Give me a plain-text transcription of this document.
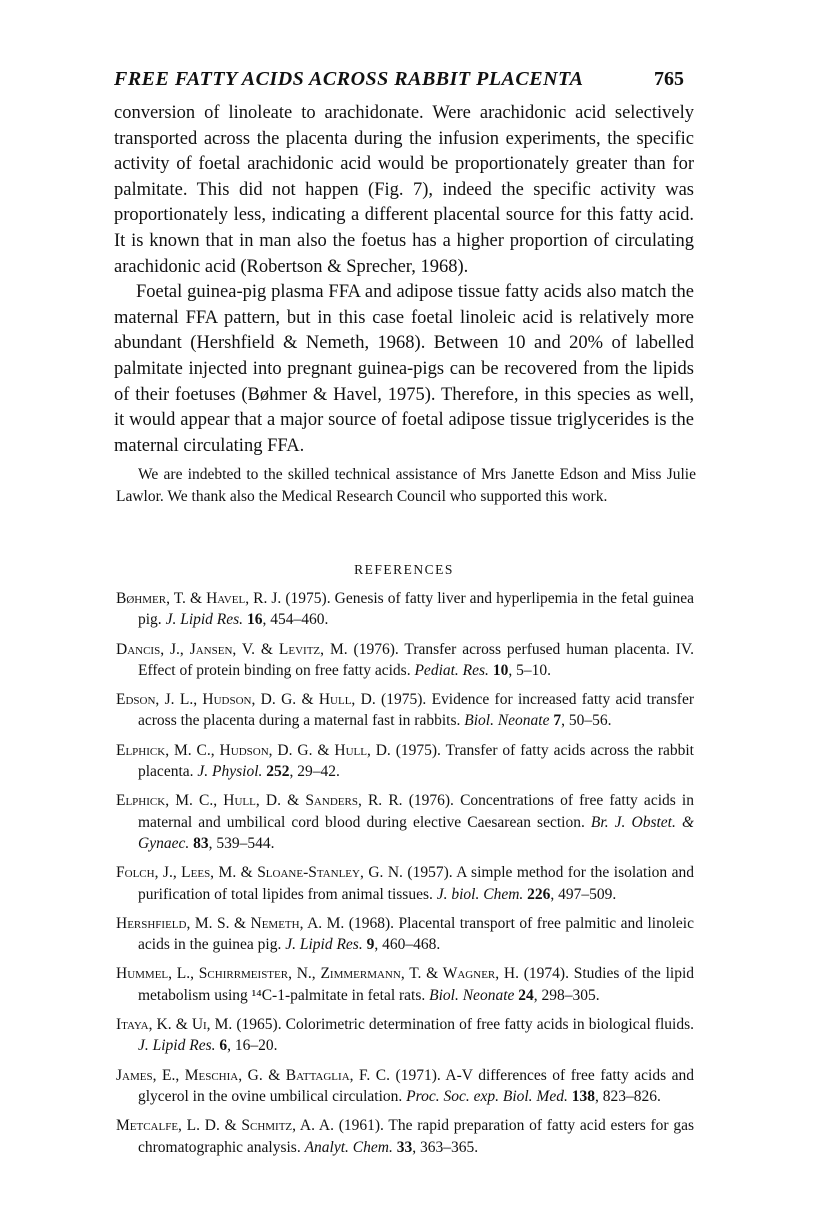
FREE FATTY ACIDS ACROSS RABBIT PLACENTA	765

conversion of linoleate to arachidonate. Were arachidonic acid selectively transported across the placenta during the infusion experiments, the specific activity of foetal arachidonic acid would be proportionately greater than for palmitate. This did not happen (Fig. 7), indeed the specific activity was proportionately less, indicating a different placental source for this fatty acid. It is known that in man also the foetus has a higher proportion of circulating arachidonic acid (Robertson & Sprecher, 1968).

Foetal guinea-pig plasma FFA and adipose tissue fatty acids also match the maternal FFA pattern, but in this case foetal linoleic acid is relatively more abundant (Hershfield & Nemeth, 1968). Between 10 and 20% of labelled palmitate injected into pregnant guinea-pigs can be recovered from the lipids of their foetuses (Bøhmer & Havel, 1975). Therefore, in this species as well, it would appear that a major source of foetal adipose tissue triglycerides is the maternal circulating FFA.

We are indebted to the skilled technical assistance of Mrs Janette Edson and Miss Julie Lawlor. We thank also the Medical Research Council who supported this work.
REFERENCES
Bøhmer, T. & Havel, R. J. (1975). Genesis of fatty liver and hyperlipemia in the fetal guinea pig. J. Lipid Res. 16, 454–460.
Dancis, J., Jansen, V. & Levitz, M. (1976). Transfer across perfused human placenta. IV. Effect of protein binding on free fatty acids. Pediat. Res. 10, 5–10.
Edson, J. L., Hudson, D. G. & Hull, D. (1975). Evidence for increased fatty acid transfer across the placenta during a maternal fast in rabbits. Biol. Neonate 7, 50–56.
Elphick, M. C., Hudson, D. G. & Hull, D. (1975). Transfer of fatty acids across the rabbit placenta. J. Physiol. 252, 29–42.
Elphick, M. C., Hull, D. & Sanders, R. R. (1976). Concentrations of free fatty acids in maternal and umbilical cord blood during elective Caesarean section. Br. J. Obstet. & Gynaec. 83, 539–544.
Folch, J., Lees, M. & Sloane-Stanley, G. N. (1957). A simple method for the isolation and purification of total lipides from animal tissues. J. biol. Chem. 226, 497–509.
Hershfield, M. S. & Nemeth, A. M. (1968). Placental transport of free palmitic and linoleic acids in the guinea pig. J. Lipid Res. 9, 460–468.
Hummel, L., Schirrmeister, N., Zimmermann, T. & Wagner, H. (1974). Studies of the lipid metabolism using ¹⁴C-1-palmitate in fetal rats. Biol. Neonate 24, 298–305.
Itaya, K. & Ui, M. (1965). Colorimetric determination of free fatty acids in biological fluids. J. Lipid Res. 6, 16–20.
James, E., Meschia, G. & Battaglia, F. C. (1971). A-V differences of free fatty acids and glycerol in the ovine umbilical circulation. Proc. Soc. exp. Biol. Med. 138, 823–826.
Metcalfe, L. D. & Schmitz, A. A. (1961). The rapid preparation of fatty acid esters for gas chromatographic analysis. Analyt. Chem. 33, 363–365.
